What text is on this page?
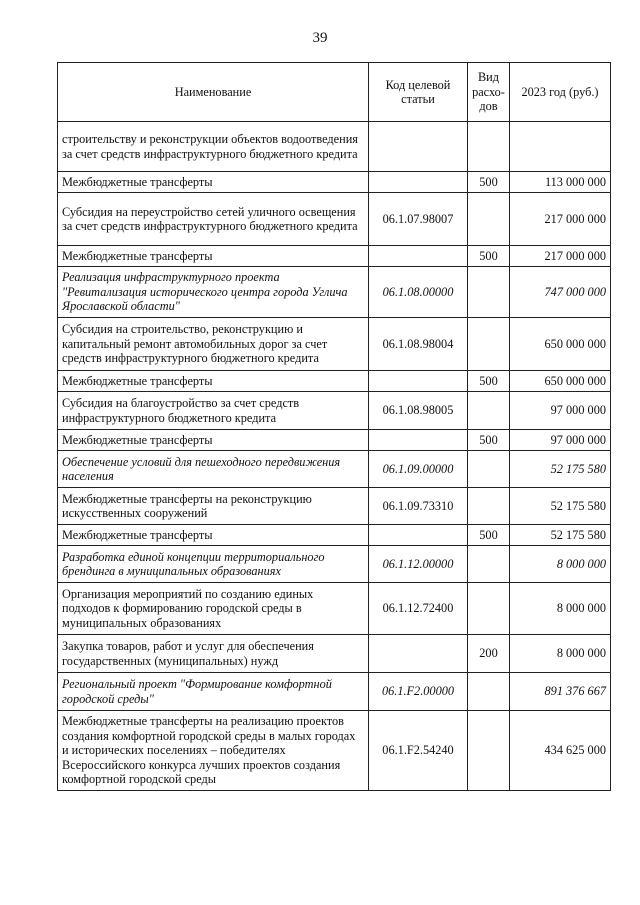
39
Наименование	Код целевой статьи	Вид расхо-дов	2023 год (руб.)
строительству и реконструкции объектов водоотведения за счет средств инфраструктурного бюджетного кредита			
Межбюджетные трансферты		500	113 000 000
Субсидия на переустройство сетей уличного освещения за счет средств инфраструктурного бюджетного кредита	06.1.07.98007		217 000 000
Межбюджетные трансферты		500	217 000 000
Реализация инфраструктурного проекта "Ревитализация исторического центра города Углича Ярославской области"	06.1.08.00000		747 000 000
Субсидия на строительство, реконструкцию и капитальный ремонт автомобильных дорог за счет средств инфраструктурного бюджетного кредита	06.1.08.98004		650 000 000
Межбюджетные трансферты		500	650 000 000
Субсидия на благоустройство за счет средств инфраструктурного бюджетного кредита	06.1.08.98005		97 000 000
Межбюджетные трансферты		500	97 000 000
Обеспечение условий для пешеходного передвижения населения	06.1.09.00000		52 175 580
Межбюджетные трансферты на реконструкцию искусственных сооружений	06.1.09.73310		52 175 580
Межбюджетные трансферты		500	52 175 580
Разработка единой концепции территориального брендинга в муниципальных образованиях	06.1.12.00000		8 000 000
Организация мероприятий по созданию единых подходов к формированию городской среды в муниципальных образованиях	06.1.12.72400		8 000 000
Закупка товаров, работ и услуг для обеспечения государственных (муниципальных) нужд		200	8 000 000
Региональный проект "Формирование комфортной городской среды"	06.1.F2.00000		891 376 667
Межбюджетные трансферты на реализацию проектов создания комфортной городской среды в малых городах и исторических поселениях – победителях Всероссийского конкурса лучших проектов создания комфортной городской среды	06.1.F2.54240		434 625 000
